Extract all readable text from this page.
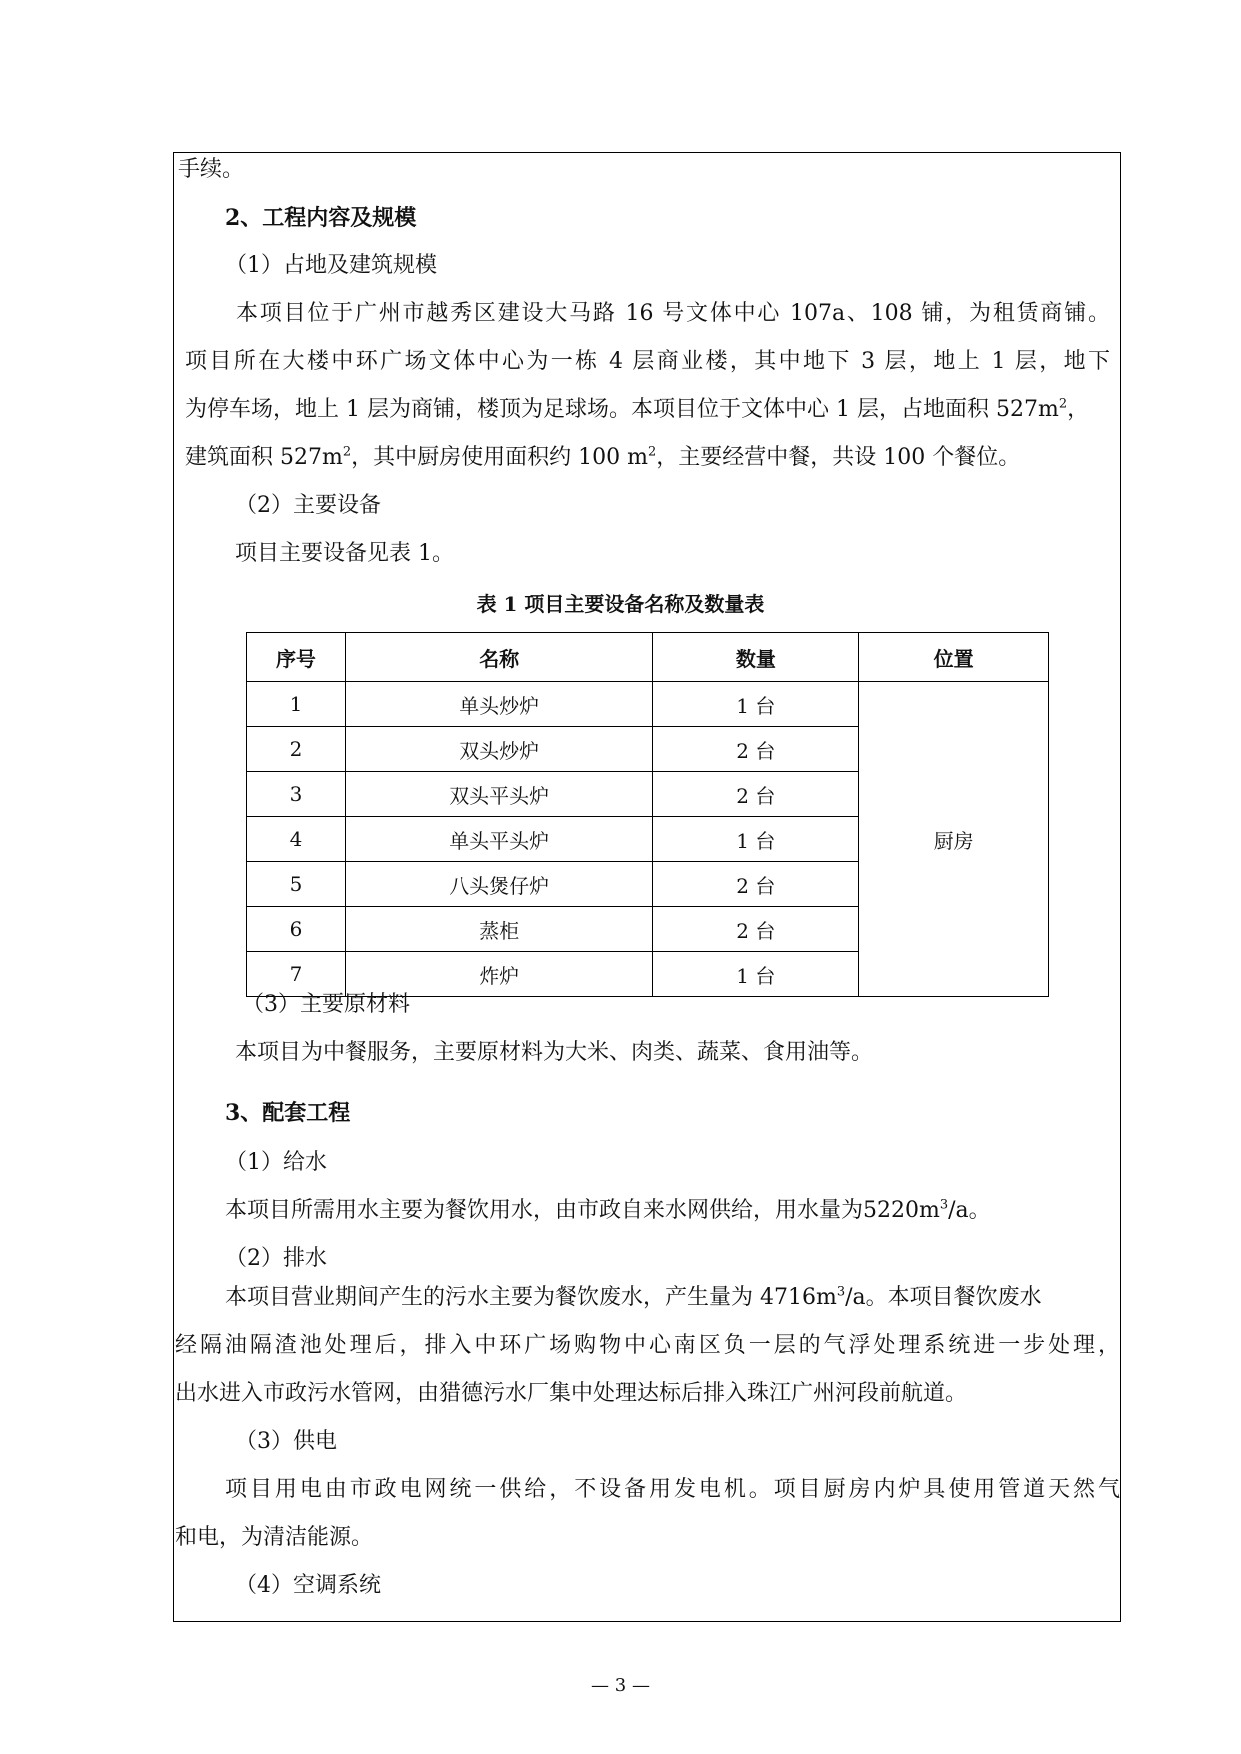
手续。
2、工程内容及规模
（1）占地及建筑规模
本项目位于广州市越秀区建设大马路 16 号文体中心 107a、108 铺，为租赁商铺。
项目所在大楼中环广场文体中心为一栋 4 层商业楼，其中地下 3 层，地上 1 层，地下
为停车场，地上 1 层为商铺，楼顶为足球场。本项目位于文体中心 1 层，占地面积 $527m^2$，
建筑面积 $527m^2$，其中厨房使用面积约 100 $m^2$，主要经营中餐，共设 100 个餐位。
（2）主要设备
项目主要设备见表 1。
表 1 项目主要设备名称及数量表
序号	名称	数量	位置
1	单头炒炉	1 台	厨房
2	双头炒炉	2 台	
3	双头平头炉	2 台	
4	单头平头炉	1 台	
5	八头煲仔炉	2 台	
6	蒸柜	2 台	
7	炸炉	1 台	
（3）主要原材料
本项目为中餐服务，主要原材料为大米、肉类、蔬菜、食用油等。
3、配套工程
（1）给水
本项目所需用水主要为餐饮用水，由市政自来水网供给，用水量为$5220m^3/a$。
（2）排水
本项目营业期间产生的污水主要为餐饮废水，产生量为 $4716m^3/a$。本项目餐饮废水
经隔油隔渣池处理后，排入中环广场购物中心南区负一层的气浮处理系统进一步处理，
出水进入市政污水管网，由猎德污水厂集中处理达标后排入珠江广州河段前航道。
（3）供电
项目用电由市政电网统一供给，不设备用发电机。项目厨房内炉具使用管道天然气
和电，为清洁能源。
（4）空调系统
— 3 —
